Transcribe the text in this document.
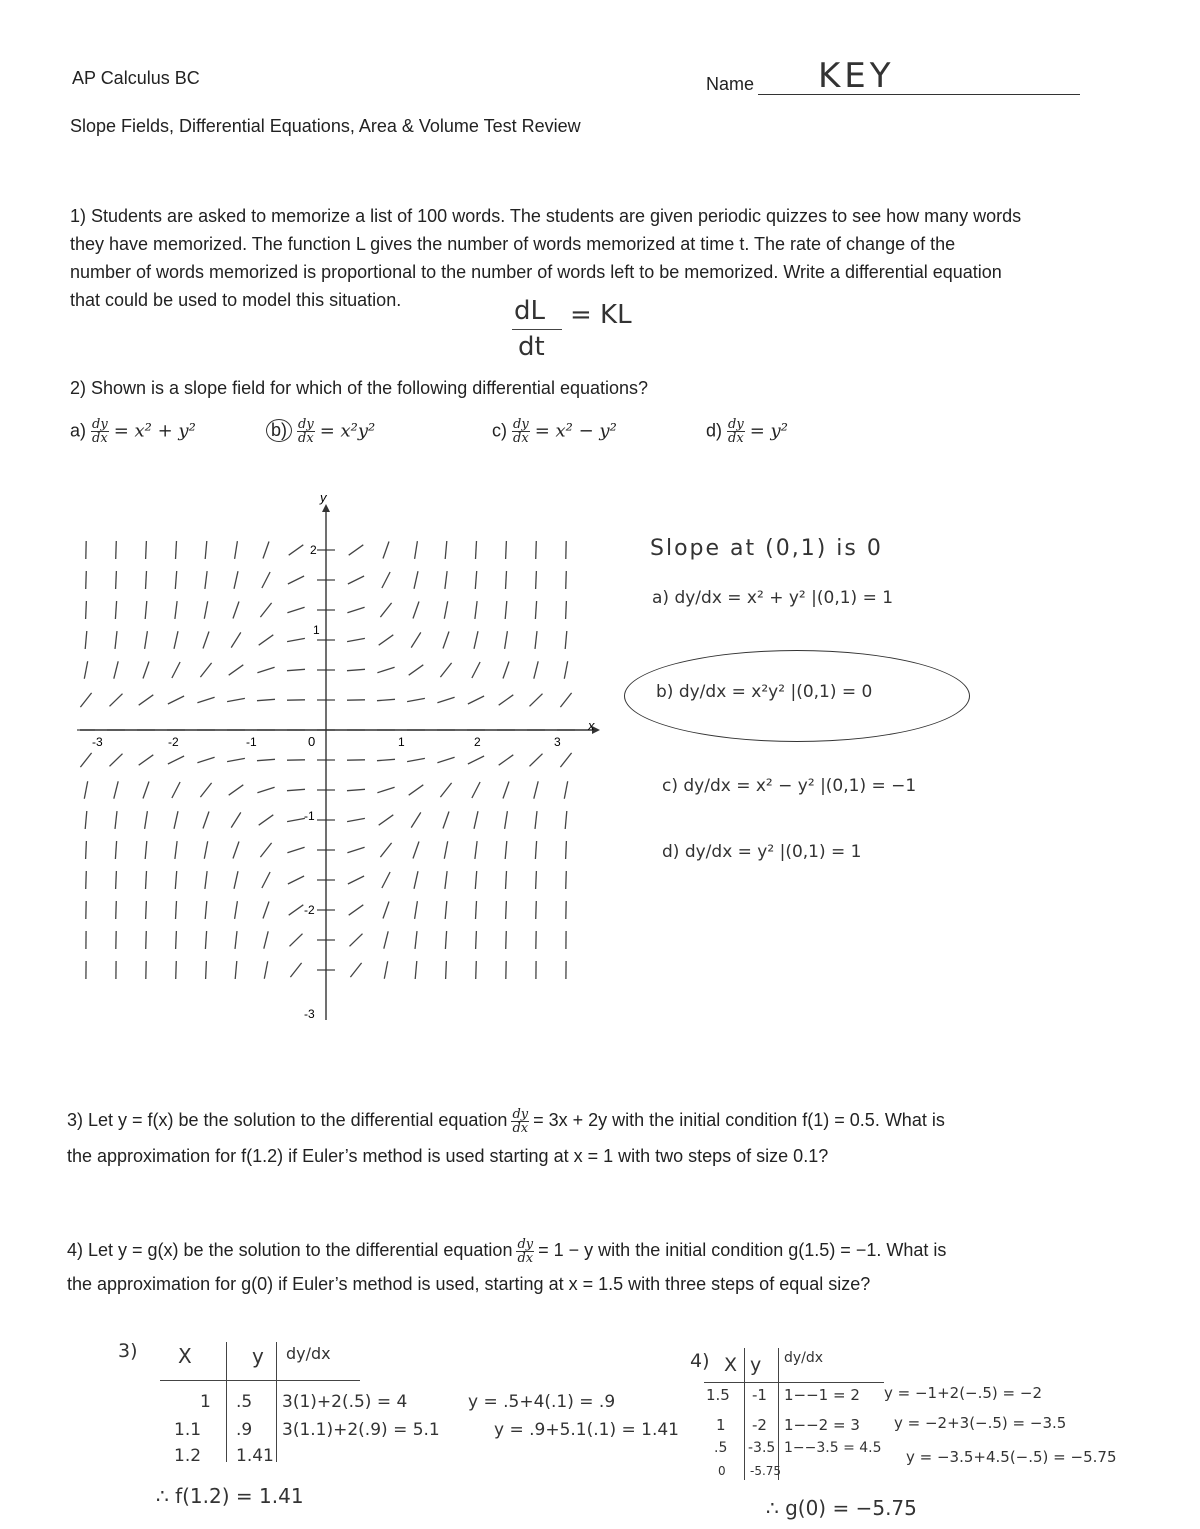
AP Calculus BC	Name KEY
Slope Fields, Differential Equations, Area & Volume Test Review
1) Students are asked to memorize a list of 100 words. The students are given periodic quizzes to see how many words
they have memorized. The function L gives the number of words memorized at time t. The rate of change of the
number of words memorized is proportional to the number of words left to be memorized. Write a differential equation
that could be used to model this situation.	dL
dt
= KL
2) Shown is a slope field for which of the following differential equations?
$a) \frac{dy}{dx} = x^2 + y^2$	$b) \frac{dy}{dx} = x^2y^2$	$c) \frac{dy}{dx} = x^2 - y^2$	$d) \frac{dy}{dx} = y^2$
x
y
-3	-2	-1	0	1	2	3
2
1
-1
-2
-3
Slope at (0,1) is 0
a) dy/dx = x² + y² |(0,1) = 1
b) dy/dx = x²y² |(0,1) = 0
c) dy/dx = x² − y² |(0,1) = −1
d) dy/dx = y² |(0,1) = 1
3) Let y = f(x) be the solution to the differential equation $\frac{dy}{dx} = 3x + 2y$ with the initial condition f(1) = 0.5. What is
the approximation for f(1.2) if Euler’s method is used starting at x = 1 with two steps of size 0.1?
4) Let y = g(x) be the solution to the differential equation $\frac{dy}{dx} = 1 - y$ with the initial condition g(1.5) = −1. What is
the approximation for g(0) if Euler’s method is used, starting at x = 1.5 with three steps of equal size?
3) X	y dy/dx
1 .5 3(1)+2(.5) = 4	y = .5+4(.1) = .9
1.1 .9 3(1.1)+2(.9) = 5.1	y = .9+5.1(.1) = 1.41
1.2 1.41
∴ f(1.2) = 1.41
4) X y dy/dx
1.5 -1 1−−1 = 2 y = −1+2(−.5) = −2
1 -2 1−−2 = 3 y = −2+3(−.5) = −3.5
.5 -3.5 1−−3.5 = 4.5 y = −3.5+4.5(−.5) = −5.75
0 -5.75
∴ g(0) = −5.75
